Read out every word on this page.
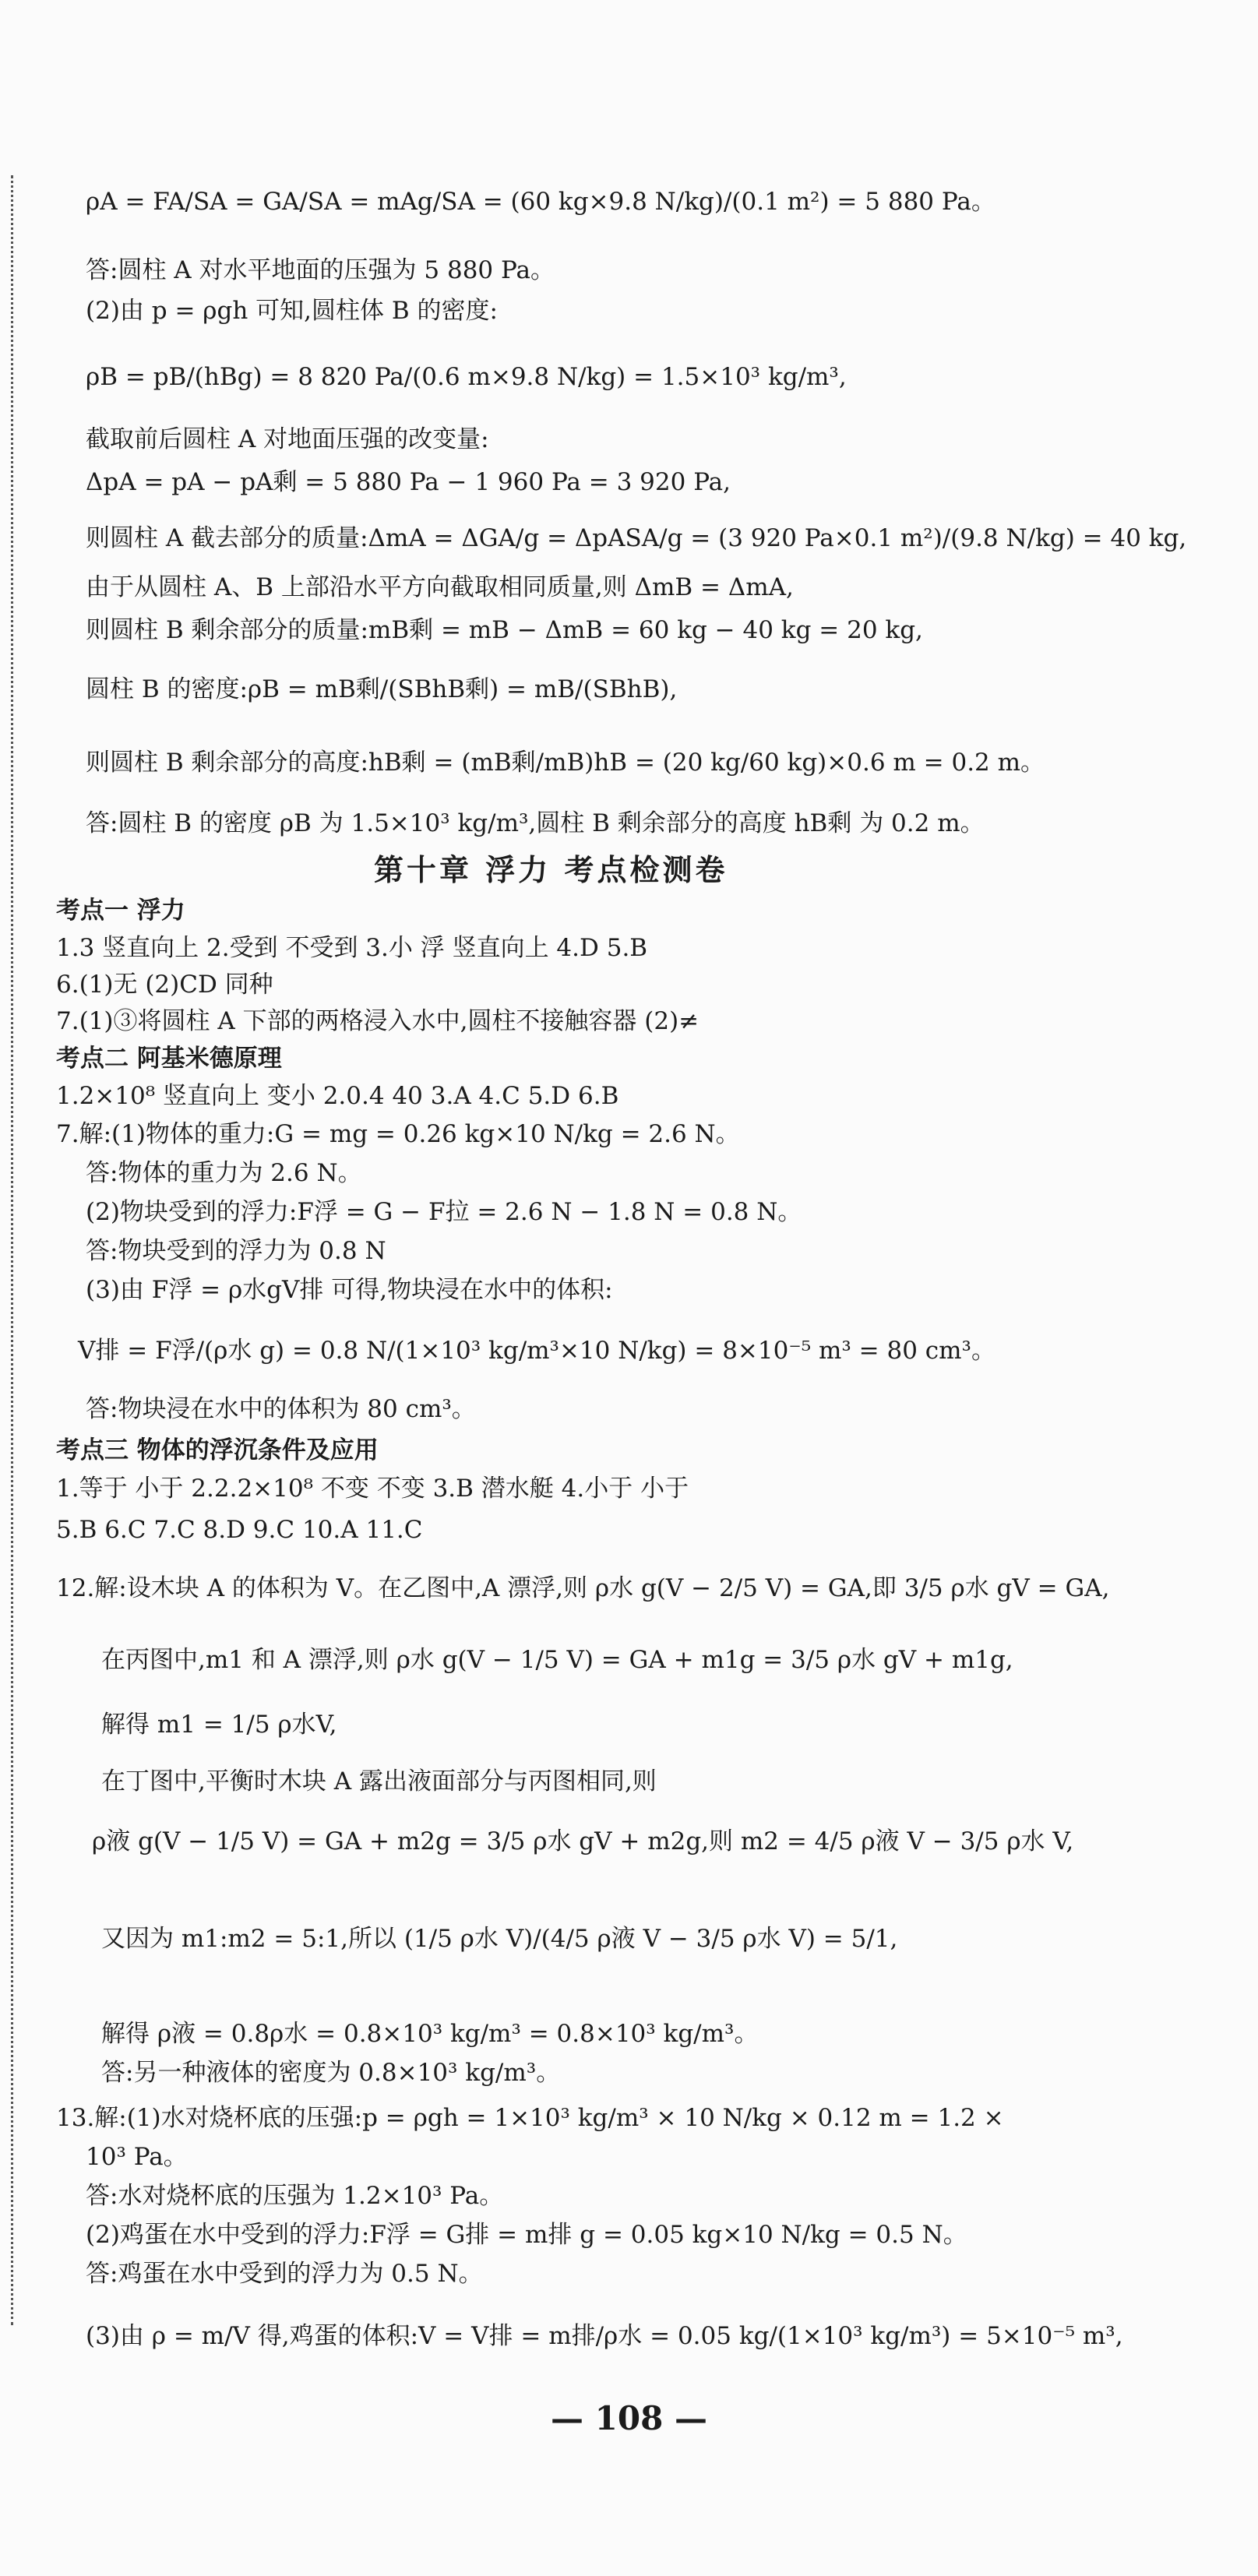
ρA = FA/SA = GA/SA = mAg/SA = (60 kg×9.8 N/kg)/(0.1 m²) = 5 880 Pa。
答:圆柱 A 对水平地面的压强为 5 880 Pa。
(2)由 p = ρgh 可知,圆柱体 B 的密度:
ρB = pB/(hBg) = 8 820 Pa/(0.6 m×9.8 N/kg) = 1.5×10³ kg/m³,
截取前后圆柱 A 对地面压强的改变量:
ΔpA = pA − pA剩 = 5 880 Pa − 1 960 Pa = 3 920 Pa,
则圆柱 A 截去部分的质量:ΔmA = ΔGA/g = ΔpASA/g = (3 920 Pa×0.1 m²)/(9.8 N/kg) = 40 kg,
由于从圆柱 A、B 上部沿水平方向截取相同质量,则 ΔmB = ΔmA,
则圆柱 B 剩余部分的质量:mB剩 = mB − ΔmB = 60 kg − 40 kg = 20 kg,
圆柱 B 的密度:ρB = mB剩/(SBhB剩) = mB/(SBhB),
则圆柱 B 剩余部分的高度:hB剩 = (mB剩/mB)hB = (20 kg/60 kg)×0.6 m = 0.2 m。
答:圆柱 B 的密度 ρB 为 1.5×10³ kg/m³,圆柱 B 剩余部分的高度 hB剩 为 0.2 m。
第十章 浮力 考点检测卷
考点一 浮力
1.3 竖直向上 2.受到 不受到 3.小 浮 竖直向上 4.D 5.B
6.(1)无 (2)CD 同种
7.(1)③将圆柱 A 下部的两格浸入水中,圆柱不接触容器 (2)≠
考点二 阿基米德原理
1.2×10⁸ 竖直向上 变小 2.0.4 40 3.A 4.C 5.D 6.B
7.解:(1)物体的重力:G = mg = 0.26 kg×10 N/kg = 2.6 N。
答:物体的重力为 2.6 N。
(2)物块受到的浮力:F浮 = G − F拉 = 2.6 N − 1.8 N = 0.8 N。
答:物块受到的浮力为 0.8 N
(3)由 F浮 = ρ水gV排 可得,物块浸在水中的体积:
V排 = F浮/(ρ水 g) = 0.8 N/(1×10³ kg/m³×10 N/kg) = 8×10⁻⁵ m³ = 80 cm³。
答:物块浸在水中的体积为 80 cm³。
考点三 物体的浮沉条件及应用
1.等于 小于 2.2.2×10⁸ 不变 不变 3.B 潜水艇 4.小于 小于
5.B 6.C 7.C 8.D 9.C 10.A 11.C
12.解:设木块 A 的体积为 V。在乙图中,A 漂浮,则 ρ水 g(V − 2/5 V) = GA,即 3/5 ρ水 gV = GA,
在丙图中,m1 和 A 漂浮,则 ρ水 g(V − 1/5 V) = GA + m1g = 3/5 ρ水 gV + m1g,
解得 m1 = 1/5 ρ水V,
在丁图中,平衡时木块 A 露出液面部分与丙图相同,则
ρ液 g(V − 1/5 V) = GA + m2g = 3/5 ρ水 gV + m2g,则 m2 = 4/5 ρ液 V − 3/5 ρ水 V,
又因为 m1:m2 = 5:1,所以 (1/5 ρ水 V)/(4/5 ρ液 V − 3/5 ρ水 V) = 5/1,
解得 ρ液 = 0.8ρ水 = 0.8×10³ kg/m³ = 0.8×10³ kg/m³。
答:另一种液体的密度为 0.8×10³ kg/m³。
13.解:(1)水对烧杯底的压强:p = ρgh = 1×10³ kg/m³ × 10 N/kg × 0.12 m = 1.2 ×
10³ Pa。
答:水对烧杯底的压强为 1.2×10³ Pa。
(2)鸡蛋在水中受到的浮力:F浮 = G排 = m排 g = 0.05 kg×10 N/kg = 0.5 N。
答:鸡蛋在水中受到的浮力为 0.5 N。
(3)由 ρ = m/V 得,鸡蛋的体积:V = V排 = m排/ρ水 = 0.05 kg/(1×10³ kg/m³) = 5×10⁻⁵ m³,
— 108 —
